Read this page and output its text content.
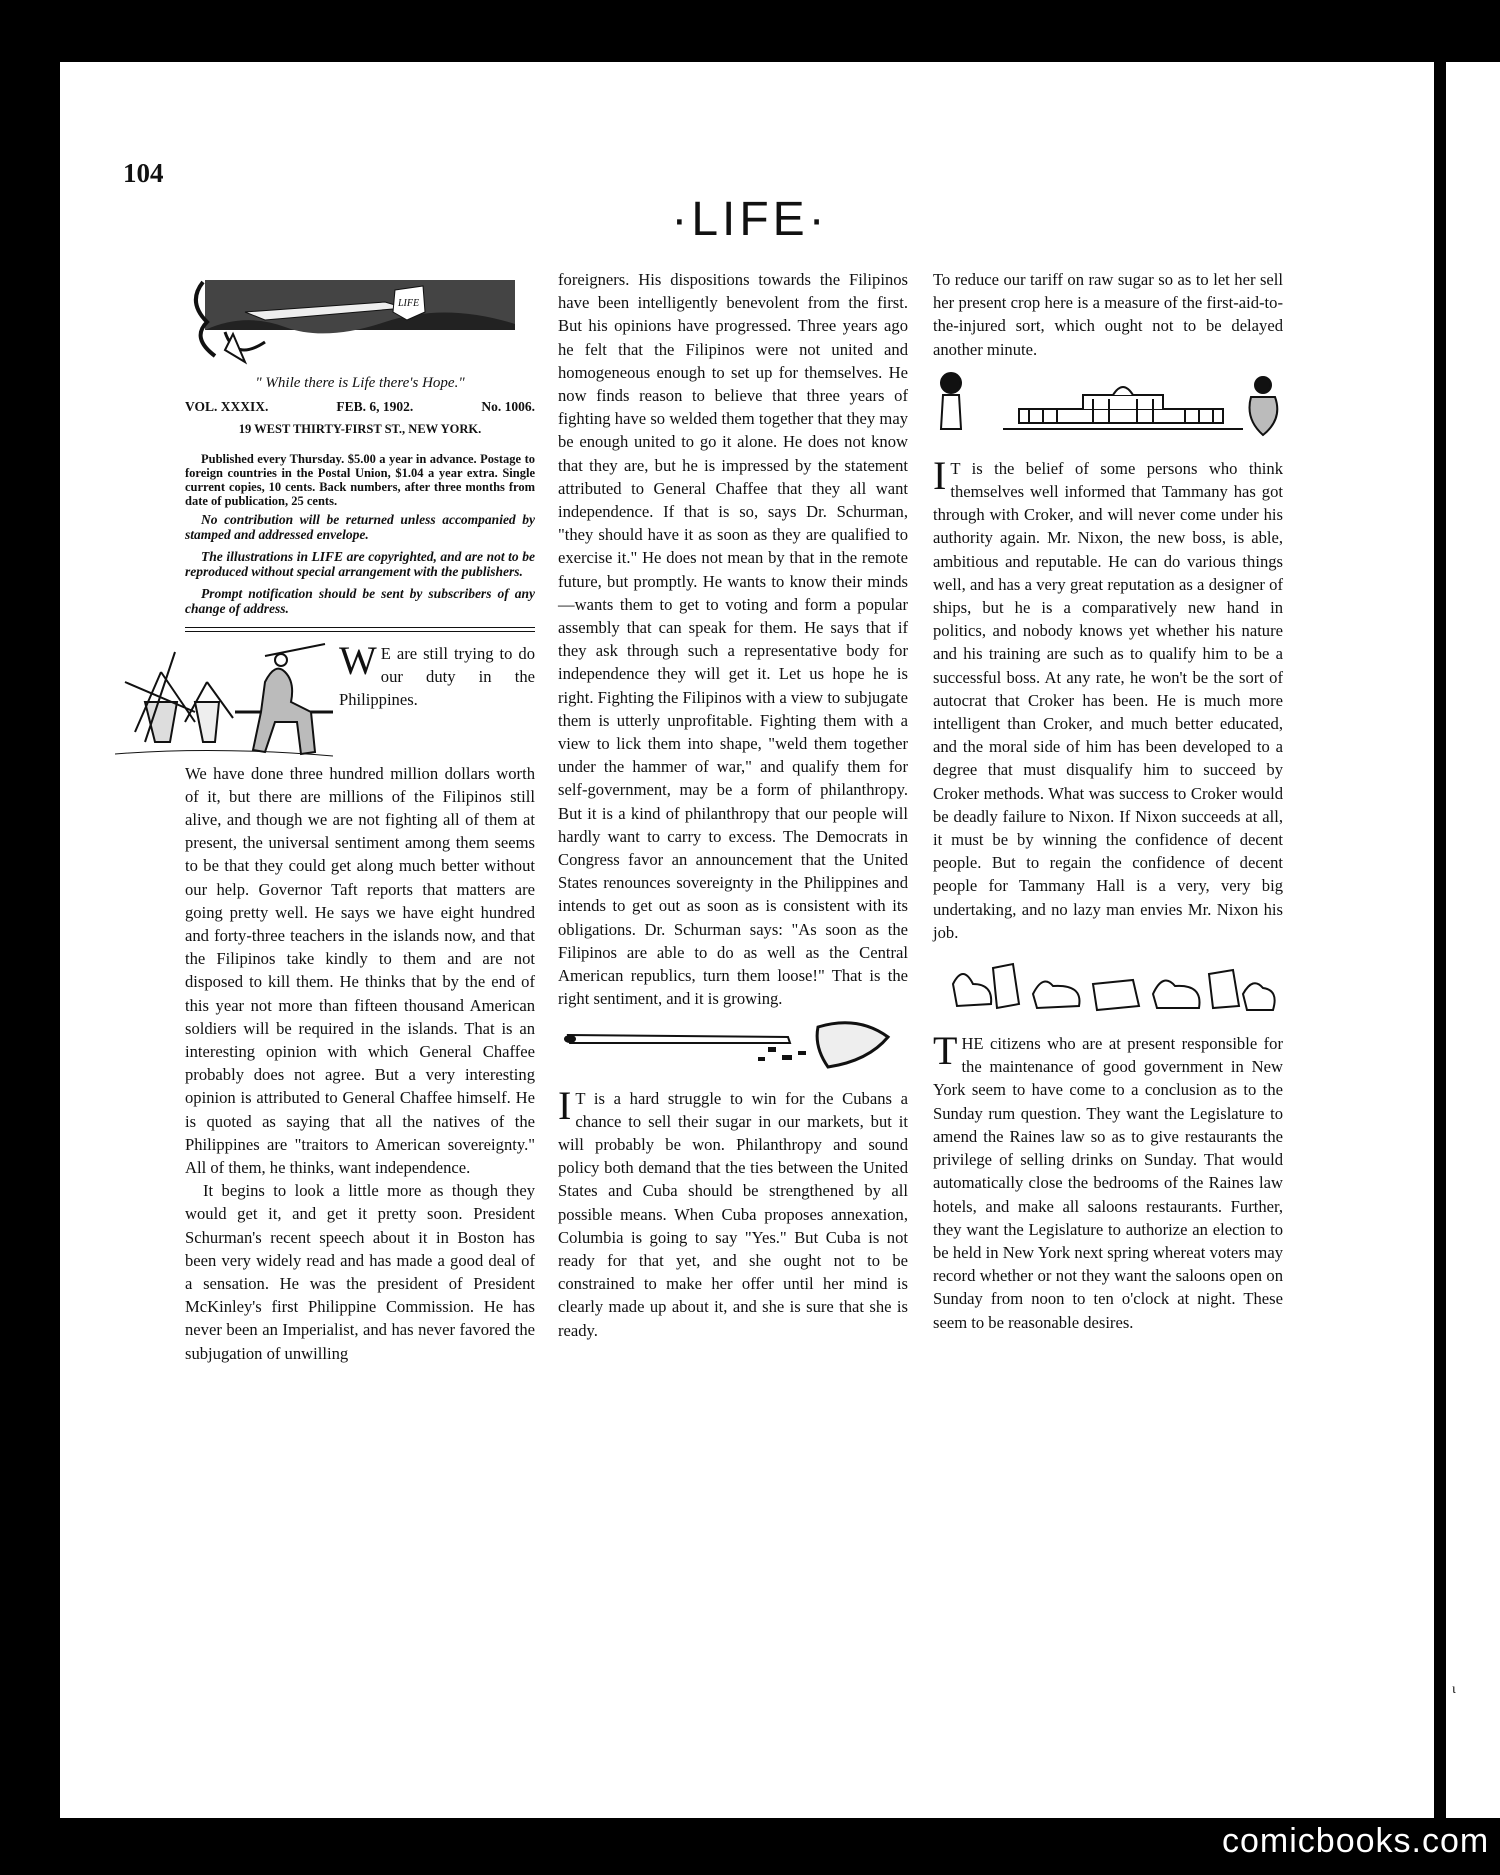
ι
104
·LIFE·
LIFE

" While there is Life there's Hope."

VOL. XXXIX.	FEB. 6, 1902.	No. 1006.
19 WEST THIRTY-FIRST ST., NEW YORK.

Published every Thursday. $5.00 a year in advance. Postage to foreign countries in the Postal Union, $1.04 a year extra. Single current copies, 10 cents. Back numbers, after three months from date of publication, 25 cents.

No contribution will be returned unless accompanied by stamped and addressed envelope.

The illustrations in LIFE are copyrighted, and are not to be reproduced without special arrangement with the publishers.

Prompt notification should be sent by subscribers of any change of address.

W E are still trying to do our duty in the Philippines.

We have done three hundred million dollars worth of it, but there are millions of the Filipinos still alive, and though we are not fighting all of them at present, the universal sentiment among them seems to be that they could get along much better without our help. Governor Taft reports that matters are going pretty well. He says we have eight hundred and forty-three teachers in the islands now, and that the Filipinos take kindly to them and are not disposed to kill them. He thinks that by the end of this year not more than fifteen thousand American soldiers will be required in the islands. That is an interesting opinion with which General Chaffee probably does not agree. But a very interesting opinion is attributed to General Chaffee himself. He is quoted as saying that all the natives of the Philippines are "traitors to American sovereignty." All of them, he thinks, want independence.

It begins to look a little more as though they would get it, and get it pretty soon. President Schurman's recent speech about it in Boston has been very widely read and has made a good deal of a sensation. He was the president of President McKinley's first Philippine Commission. He has never been an Imperialist, and has never favored the subjugation of unwilling

foreigners. His dispositions towards the Filipinos have been intelligently benevolent from the first. But his opinions have progressed. Three years ago he felt that the Filipinos were not united and homogeneous enough to set up for themselves. He now finds reason to believe that three years of fighting have so welded them together that they may be enough united to go it alone. He does not know that they are, but he is impressed by the statement attributed to General Chaffee that they all want independence. If that is so, says Dr. Schurman, "they should have it as soon as they are qualified to exercise it." He does not mean by that in the remote future, but promptly. He wants to know their minds—wants them to get to voting and form a popular assembly that can speak for them. He says that if they ask through such a representative body for independence they will get it. Let us hope he is right. Fighting the Filipinos with a view to subjugate them is utterly unprofitable. Fighting them with a view to lick them into shape, "weld them together under the hammer of war," and qualify them for self-government, may be a form of philanthropy. But it is a kind of philanthropy that our people will hardly want to carry to excess. The Democrats in Congress favor an announcement that the United States renounces sovereignty in the Philippines and intends to get out as soon as is consistent with its obligations. Dr. Schurman says: "As soon as the Filipinos are able to do as well as the Central American republics, turn them loose!" That is the right sentiment, and it is growing.

I T is a hard struggle to win for the Cubans a chance to sell their sugar in our markets, but it will probably be won. Philanthropy and sound policy both demand that the ties between the United States and Cuba should be strengthened by all possible means. When Cuba proposes annexation, Columbia is going to say "Yes." But Cuba is not ready for that yet, and she ought not to be constrained to make her offer until her mind is clearly made up about it, and she is sure that she is ready.

To reduce our tariff on raw sugar so as to let her sell her present crop here is a measure of the first-aid-to-the-injured sort, which ought not to be delayed another minute.

I T is the belief of some persons who think themselves well informed that Tammany has got through with Croker, and will never come under his authority again. Mr. Nixon, the new boss, is able, ambitious and reputable. He can do various things well, and has a very great reputation as a designer of ships, but he is a comparatively new hand in politics, and nobody knows yet whether his nature and his training are such as to qualify him to be a successful boss. At any rate, he won't be the sort of autocrat that Croker has been. He is much more intelligent than Croker, and much better educated, and the moral side of him has been developed to a degree that must disqualify him to succeed by Croker methods. What was success to Croker would be deadly failure to Nixon. If Nixon succeeds at all, it must be by winning the confidence of decent people. But to regain the confidence of decent people for Tammany Hall is a very, very big undertaking, and no lazy man envies Mr. Nixon his job.

THE citizens who are at present responsible for the maintenance of good government in New York seem to have come to a conclusion as to the Sunday rum question. They want the Legislature to amend the Raines law so as to give restaurants the privilege of selling drinks on Sunday. That would automatically close the bedrooms of the Raines law hotels, and make all saloons restaurants. Further, they want the Legislature to authorize an election to be held in New York next spring whereat voters may record whether or not they want the saloons open on Sunday from noon to ten o'clock at night. These seem to be reasonable desires.

comicbooks.com
